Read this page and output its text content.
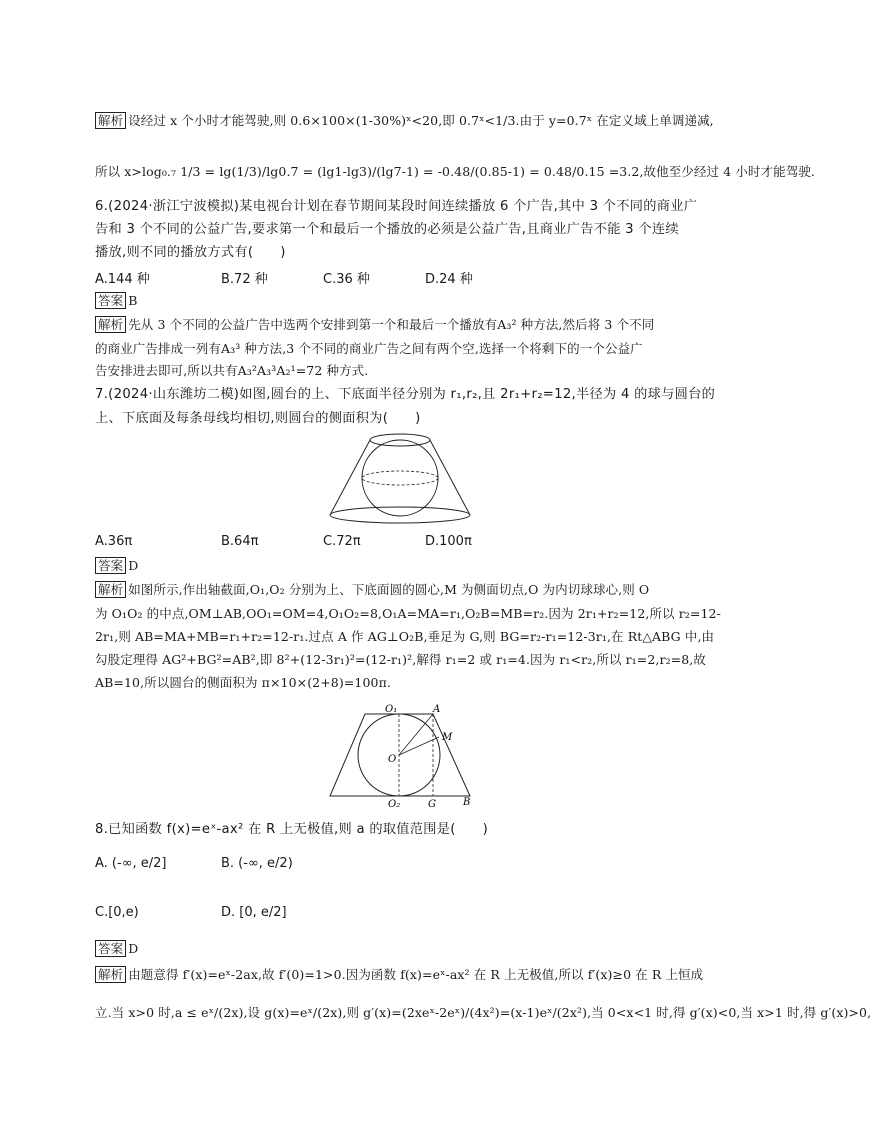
解析 设经过 x 个小时才能驾驶,则 0.6×100×(1-30%)ˣ<20,即 0.7ˣ<1/3.由于 y=0.7ˣ 在定义域上单调递减,
所以 x>log₀.₇ 1/3 = lg(1/3)/lg0.7 = (lg1-lg3)/(lg7-1) = -0.48/(0.85-1) = 0.48/0.15 =3.2,故他至少经过 4 小时才能驾驶.
6.(2024·浙江宁波模拟)某电视台计划在春节期间某段时间连续播放 6 个广告,其中 3 个不同的商业广
告和 3 个不同的公益广告,要求第一个和最后一个播放的必须是公益广告,且商业广告不能 3 个连续
播放,则不同的播放方式有(　　)
A.144 种	B.72 种	C.36 种	D.24 种
答案 B
解析 先从 3 个不同的公益广告中选两个安排到第一个和最后一个播放有A₃² 种方法,然后将 3 个不同
的商业广告排成一列有A₃³ 种方法,3 个不同的商业广告之间有两个空,选择一个将剩下的一个公益广
告安排进去即可,所以共有A₃²A₃³A₂¹=72 种方式.
7.(2024·山东潍坊二模)如图,圆台的上、下底面半径分别为 r₁,r₂,且 2r₁+r₂=12,半径为 4 的球与圆台的
上、下底面及每条母线均相切,则圆台的侧面积为(　　)
A.36π	B.64π	C.72π	D.100π
答案 D
解析 如图所示,作出轴截面,O₁,O₂ 分别为上、下底面圆的圆心,M 为侧面切点,O 为内切球球心,则 O
为 O₁O₂ 的中点,OM⊥AB,OO₁=OM=4,O₁O₂=8,O₁A=MA=r₁,O₂B=MB=r₂.因为 2r₁+r₂=12,所以 r₂=12-
2r₁,则 AB=MA+MB=r₁+r₂=12-r₁.过点 A 作 AG⊥O₂B,垂足为 G,则 BG=r₂-r₁=12-3r₁,在 Rt△ABG 中,由
勾股定理得 AG²+BG²=AB²,即 8²+(12-3r₁)²=(12-r₁)²,解得 r₁=2 或 r₁=4.因为 r₁<r₂,所以 r₁=2,r₂=8,故
AB=10,所以圆台的侧面积为 π×10×(2+8)=100π.
O₁	A
M
O
O₂	G	B
8.已知函数 f(x)=eˣ-ax² 在 R 上无极值,则 a 的取值范围是(　　)
A. (-∞, e/2]	B. (-∞, e/2)
C.[0,e)	D. [0, e/2]
答案 D
解析 由题意得 f′(x)=eˣ-2ax,故 f′(0)=1>0.因为函数 f(x)=eˣ-ax² 在 R 上无极值,所以 f′(x)≥0 在 R 上恒成
立.当 x>0 时,a ≤ eˣ/(2x),设 g(x)=eˣ/(2x),则 g′(x)=(2xeˣ-2eˣ)/(4x²)=(x-1)eˣ/(2x²),当 0<x<1 时,得 g′(x)<0,当 x>1 时,得 g′(x)>0,
